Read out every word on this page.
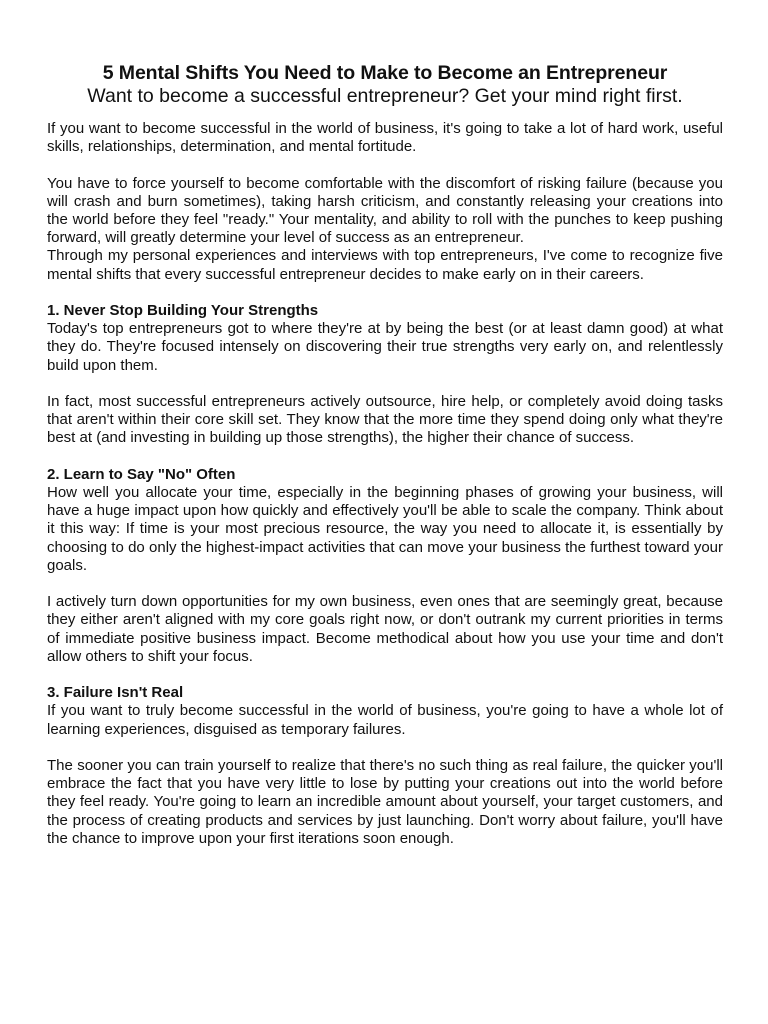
5 Mental Shifts You Need to Make to Become an Entrepreneur
Want to become a successful entrepreneur? Get your mind right first.

If you want to become successful in the world of business, it's going to take a lot of hard work, useful skills, relationships, determination, and mental fortitude.

You have to force yourself to become comfortable with the discomfort of risking failure (because you will crash and burn sometimes), taking harsh criticism, and constantly releasing your creations into the world before they feel "ready." Your mentality, and ability to roll with the punches to keep pushing forward, will greatly determine your level of success as an entrepreneur.

Through my personal experiences and interviews with top entrepreneurs, I've come to recognize five mental shifts that every successful entrepreneur decides to make early on in their careers.

1. Never Stop Building Your Strengths

Today's top entrepreneurs got to where they're at by being the best (or at least damn good) at what they do. They're focused intensely on discovering their true strengths very early on, and relentlessly build upon them.

In fact, most successful entrepreneurs actively outsource, hire help, or completely avoid doing tasks that aren't within their core skill set. They know that the more time they spend doing only what they're best at (and investing in building up those strengths), the higher their chance of success.

2. Learn to Say "No" Often

How well you allocate your time, especially in the beginning phases of growing your business, will have a huge impact upon how quickly and effectively you'll be able to scale the company. Think about it this way: If time is your most precious resource, the way you need to allocate it, is essentially by choosing to do only the highest-impact activities that can move your business the furthest toward your goals.

I actively turn down opportunities for my own business, even ones that are seemingly great, because they either aren't aligned with my core goals right now, or don't outrank my current priorities in terms of immediate positive business impact. Become methodical about how you use your time and don't allow others to shift your focus.

3. Failure Isn't Real

If you want to truly become successful in the world of business, you're going to have a whole lot of learning experiences, disguised as temporary failures.

The sooner you can train yourself to realize that there's no such thing as real failure, the quicker you'll embrace the fact that you have very little to lose by putting your creations out into the world before they feel ready. You're going to learn an incredible amount about yourself, your target customers, and the process of creating products and services by just launching. Don't worry about failure, you'll have the chance to improve upon your first iterations soon enough.
